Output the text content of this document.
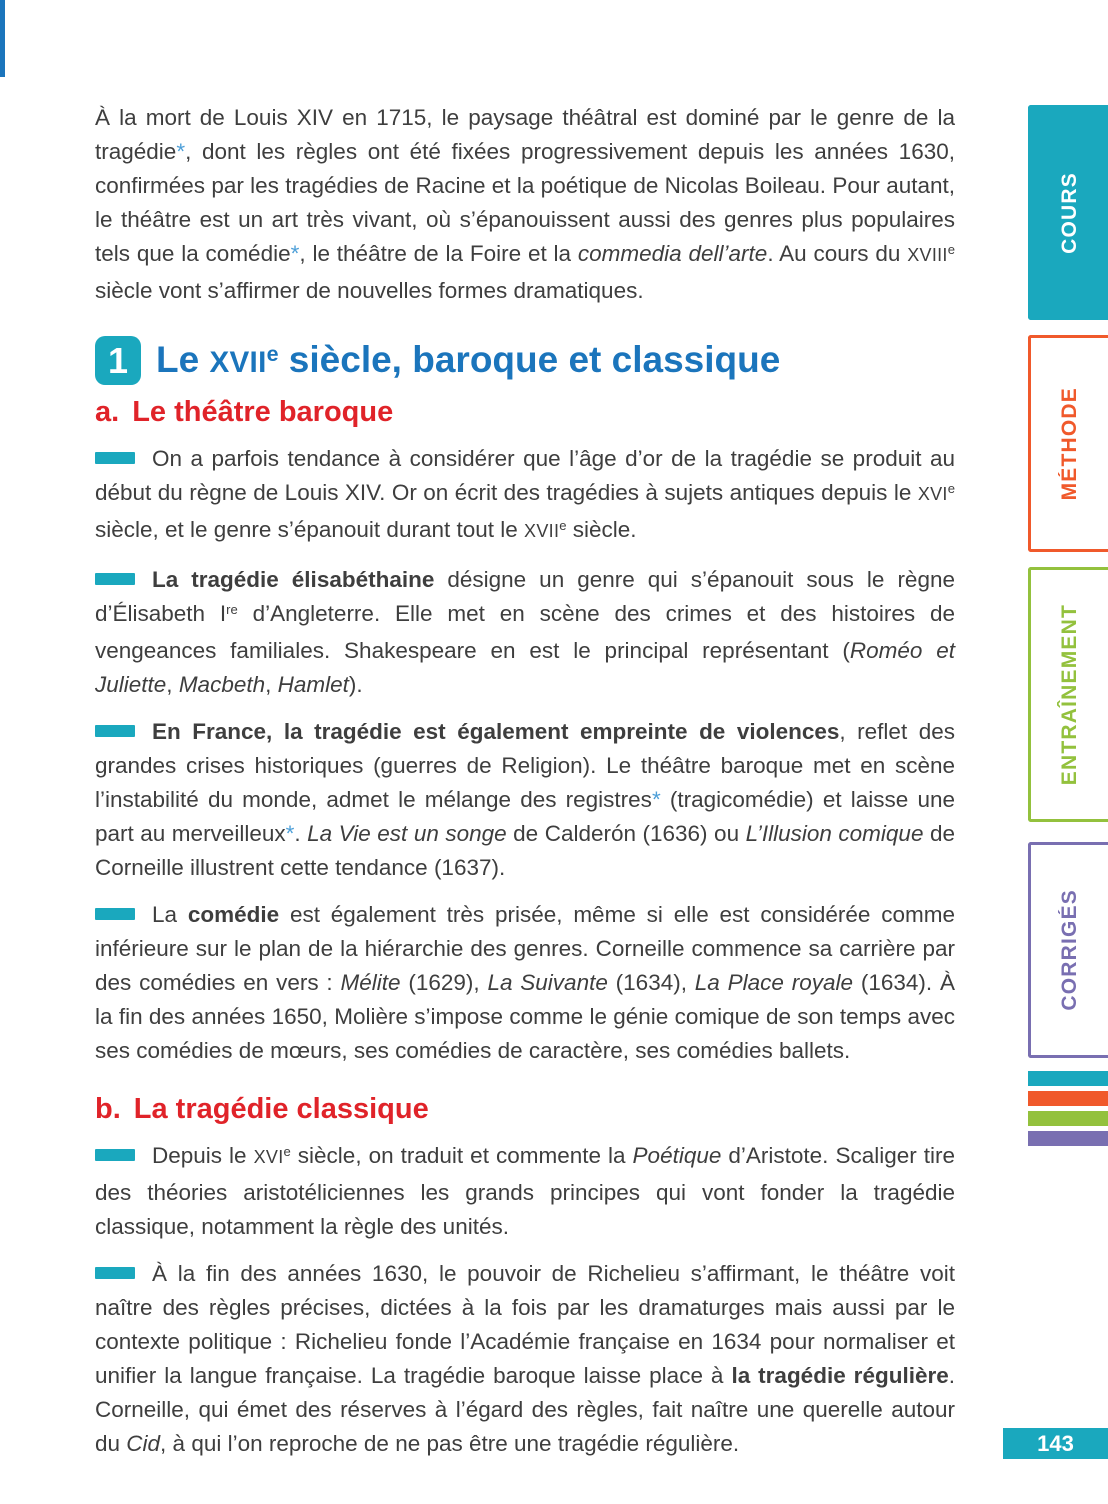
À la mort de Louis XIV en 1715, le paysage théâtral est dominé par le genre de la tragédie*, dont les règles ont été fixées progressivement depuis les années 1630, confirmées par les tragédies de Racine et la poétique de Nicolas Boileau. Pour autant, le théâtre est un art très vivant, où s’épanouissent aussi des genres plus populaires tels que la comédie*, le théâtre de la Foire et la commedia dell’arte. Au cours du XVIIIe siècle vont s’affirmer de nouvelles formes dramatiques.

1 Le XVIIe siècle, baroque et classique
a. Le théâtre baroque

On a parfois tendance à considérer que l’âge d’or de la tragédie se produit au début du règne de Louis XIV. Or on écrit des tragédies à sujets antiques depuis le XVIe siècle, et le genre s’épanouit durant tout le XVIIe siècle.

La tragédie élisabéthaine désigne un genre qui s’épanouit sous le règne d’Élisabeth Ire d’Angleterre. Elle met en scène des crimes et des histoires de vengeances familiales. Shakespeare en est le principal représentant (Roméo et Juliette, Macbeth, Hamlet).

En France, la tragédie est également empreinte de violences, reflet des grandes crises historiques (guerres de Religion). Le théâtre baroque met en scène l’instabilité du monde, admet le mélange des registres* (tragicomédie) et laisse une part au merveilleux*. La Vie est un songe de Calderón (1636) ou L’Illusion comique de Corneille illustrent cette tendance (1637).

La comédie est également très prisée, même si elle est considérée comme inférieure sur le plan de la hiérarchie des genres. Corneille commence sa carrière par des comédies en vers : Mélite (1629), La Suivante (1634), La Place royale (1634). À la fin des années 1650, Molière s’impose comme le génie comique de son temps avec ses comédies de mœurs, ses comédies de caractère, ses comédies ballets.

b. La tragédie classique

Depuis le XVIe siècle, on traduit et commente la Poétique d’Aristote. Scaliger tire des théories aristotéliciennes les grands principes qui vont fonder la tragédie classique, notamment la règle des unités.

À la fin des années 1630, le pouvoir de Richelieu s’affirmant, le théâtre voit naître des règles précises, dictées à la fois par les dramaturges mais aussi par le contexte politique : Richelieu fonde l’Académie française en 1634 pour normaliser et unifier la langue française. La tragédie baroque laisse place à la tragédie régulière. Corneille, qui émet des réserves à l’égard des règles, fait naître une querelle autour du Cid, à qui l’on reproche de ne pas être une tragédie régulière.

COURS
MÉTHODE
ENTRAÎNEMENT
CORRIGÉS
143
